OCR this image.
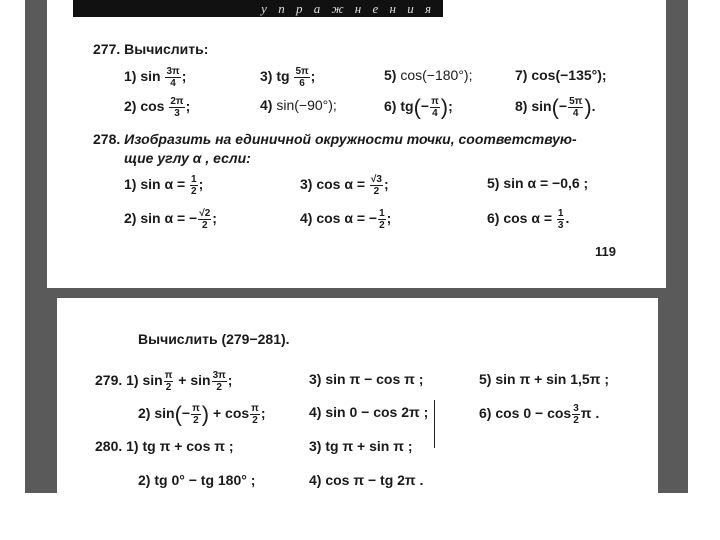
у п р а ж н е н и я
277. Вычислить:
1) $\sin \frac{3\pi}{4}$ ;	3) tg $\frac{5\pi}{6}$ ;	5) cos(−180°);	7) cos(−135°);
2) $\cos \frac{2\pi}{3}$ ;	4) sin(−90°);	6) $tg(- \frac{\pi}{4}$ );	8) $\sin(- \frac{5\pi}{4}$ ).
278. Изобразить на единичной окружности точки, соответствую-
щие углу α , если:
1) $\sin \alpha = \frac{1}{2}$ ;	3) $\cos \alpha = \frac{√3}{2}$ ;	5) sin α = −0,6 ;
2) sin α = − $\frac{√2}{2}$ ;	4) cos α = − $\frac{1}{2}$ ;	6) $\cos \alpha = \frac{1}{3}$ .
119
Вычислить (279−281).
279. 1) $\sin \frac{\pi}{2} + \sin \frac{3\pi}{2}$ ;	3) sin π − cos π ;	5) sin π + sin 1,5π ;
2) $\sin(- \frac{\pi}{2}$ ) + $\cos \frac{\pi}{2}$ ;	4) sin 0 − cos 2π ;	6) $\cos 0 - \cos \frac{3}{2}$ π .
280. 1) tg π + cos π ;	3) tg π + sin π ;
2) tg 0° − tg 180° ;	4) cos π − tg 2π .
